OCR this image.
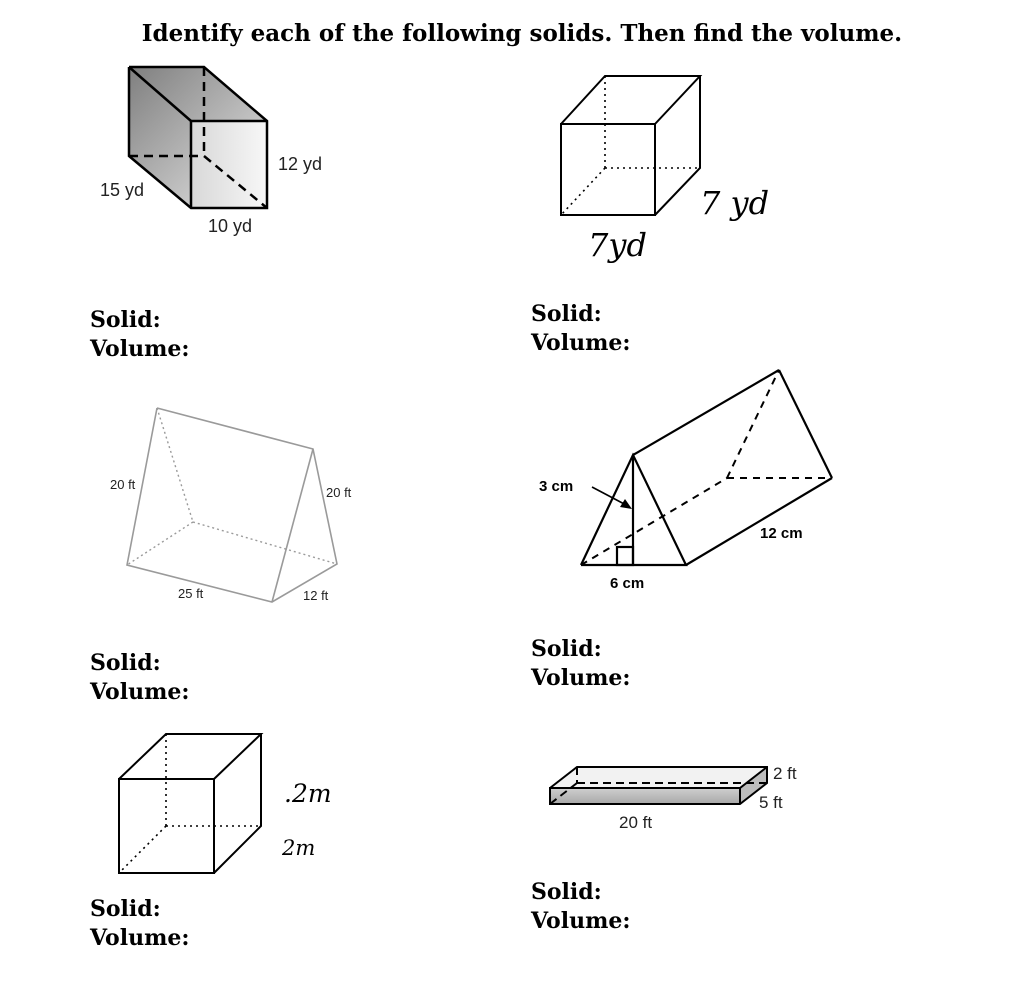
Identify each of the following solids. Then find the volume.
15 yd
12 yd
10 yd
7 yd
7yd
20 ft
20 ft
25 ft	12 ft
3 cm
6 cm
12 cm
.2m
2m
2 ft
5 ft
20 ft
Solid:
Volume:
Solid:
Volume:
Solid:
Volume:
Solid:
Volume:
Solid:
Volume:
Solid:
Volume:
